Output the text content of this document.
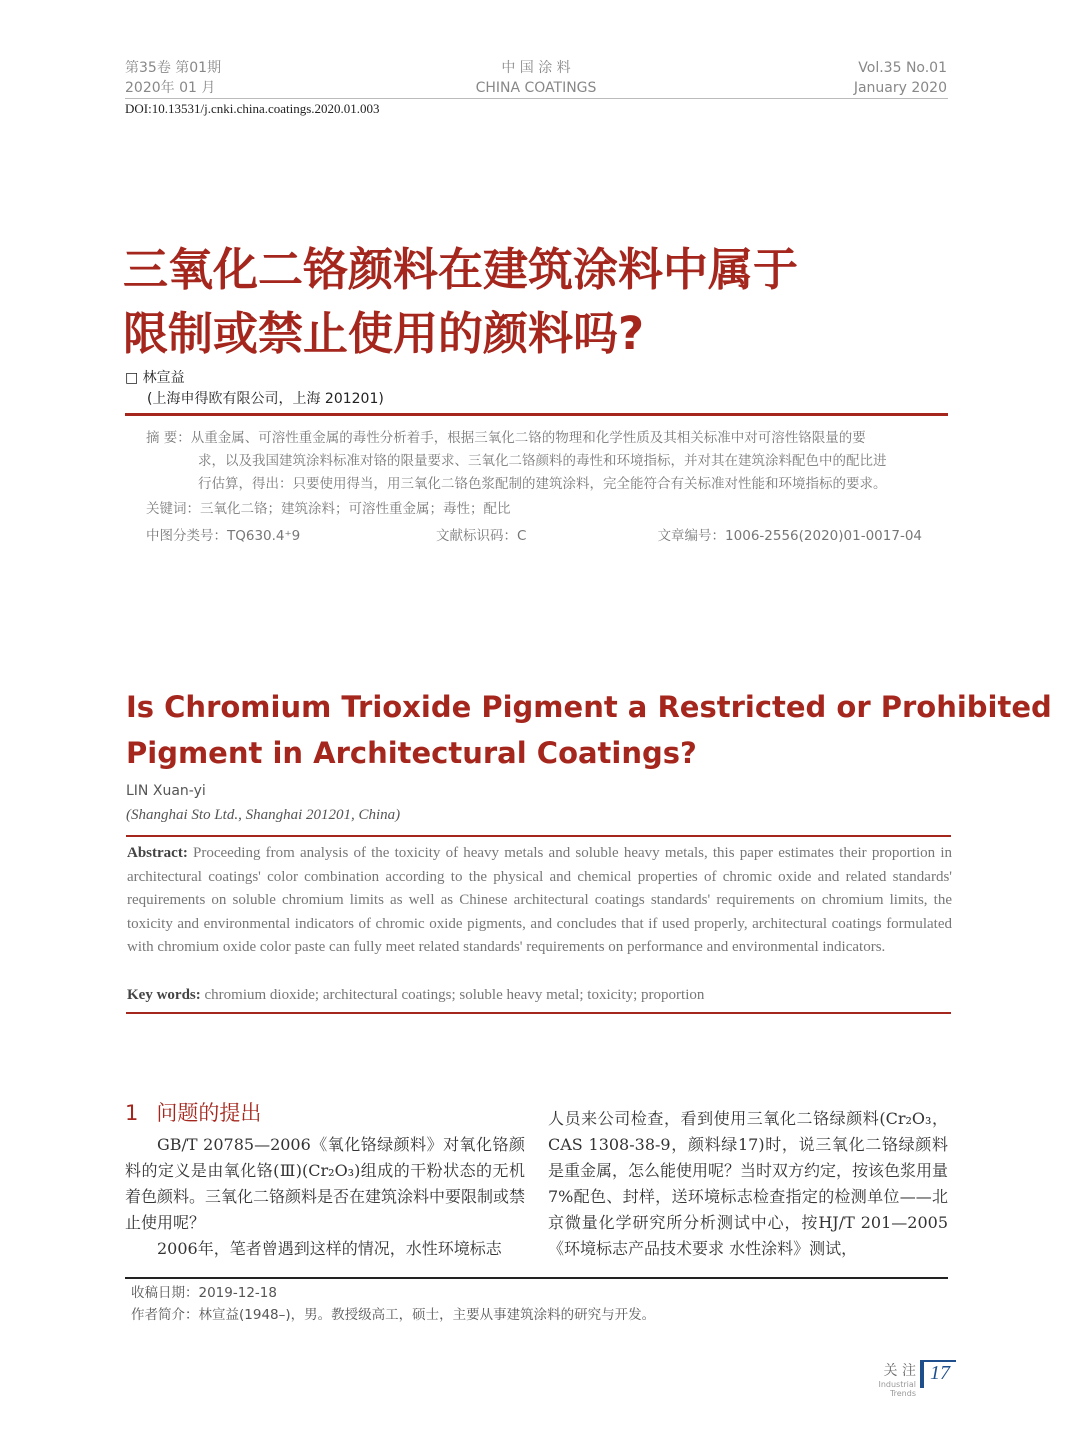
第35卷 第01期
2020年 01 月
中 国 涂 料
CHINA COATINGS
Vol.35 No.01
January 2020
DOI:10.13531/j.cnki.china.coatings.2020.01.003
三氧化二铬颜料在建筑涂料中属于
限制或禁止使用的颜料吗?
□ 林宣益
(上海申得欧有限公司，上海 201201)
摘 要：从重金属、可溶性重金属的毒性分析着手，根据三氧化二铬的物理和化学性质及其相关标准中对可溶性铬限量的要
求，以及我国建筑涂料标准对铬的限量要求、三氧化二铬颜料的毒性和环境指标，并对其在建筑涂料配色中的配比进
行估算，得出：只要使用得当，用三氧化二铬色浆配制的建筑涂料，完全能符合有关标准对性能和环境指标的要求。
关键词：三氧化二铬；建筑涂料；可溶性重金属；毒性；配比
中图分类号：TQ630.4⁺9	文献标识码：C	文章编号：1006-2556(2020)01-0017-04
Is Chromium Trioxide Pigment a Restricted or Prohibited
Pigment in Architectural Coatings?
LIN Xuan-yi
(Shanghai Sto Ltd., Shanghai 201201, China)
Abstract: Proceeding from analysis of the toxicity of heavy metals and soluble heavy metals, this paper estimates their proportion in architectural coatings' color combination according to the physical and chemical properties of chromic oxide and related standards' requirements on soluble chromium limits as well as Chinese architectural coatings standards' requirements on chromium limits, the toxicity and environmental indicators of chromic oxide pigments, and concludes that if used properly, architectural coatings formulated with chromium oxide color paste can fully meet related standards' requirements on performance and environmental indicators.
Key words: chromium dioxide; architectural coatings; soluble heavy metal; toxicity; proportion
1 问题的提出

GB/T 20785—2006《氧化铬绿颜料》对氧化铬颜料的定义是由氧化铬(Ⅲ)(Cr₂O₃)组成的干粉状态的无机着色颜料。三氧化二铬颜料是否在建筑涂料中要限制或禁止使用呢？

2006年，笔者曾遇到这样的情况，水性环境标志

人员来公司检查，看到使用三氧化二铬绿颜料(Cr₂O₃，CAS 1308-38-9，颜料绿17)时，说三氧化二铬绿颜料是重金属，怎么能使用呢？当时双方约定，按该色浆用量7%配色、封样，送环境标志检查指定的检测单位——北京微量化学研究所分析测试中心，按HJ/T 201—2005《环境标志产品技术要求 水性涂料》测试，
收稿日期：2019-12-18
作者简介：林宣益(1948–)，男。教授级高工，硕士，主要从事建筑涂料的研究与开发。
关 注
Industrial Trends
17
